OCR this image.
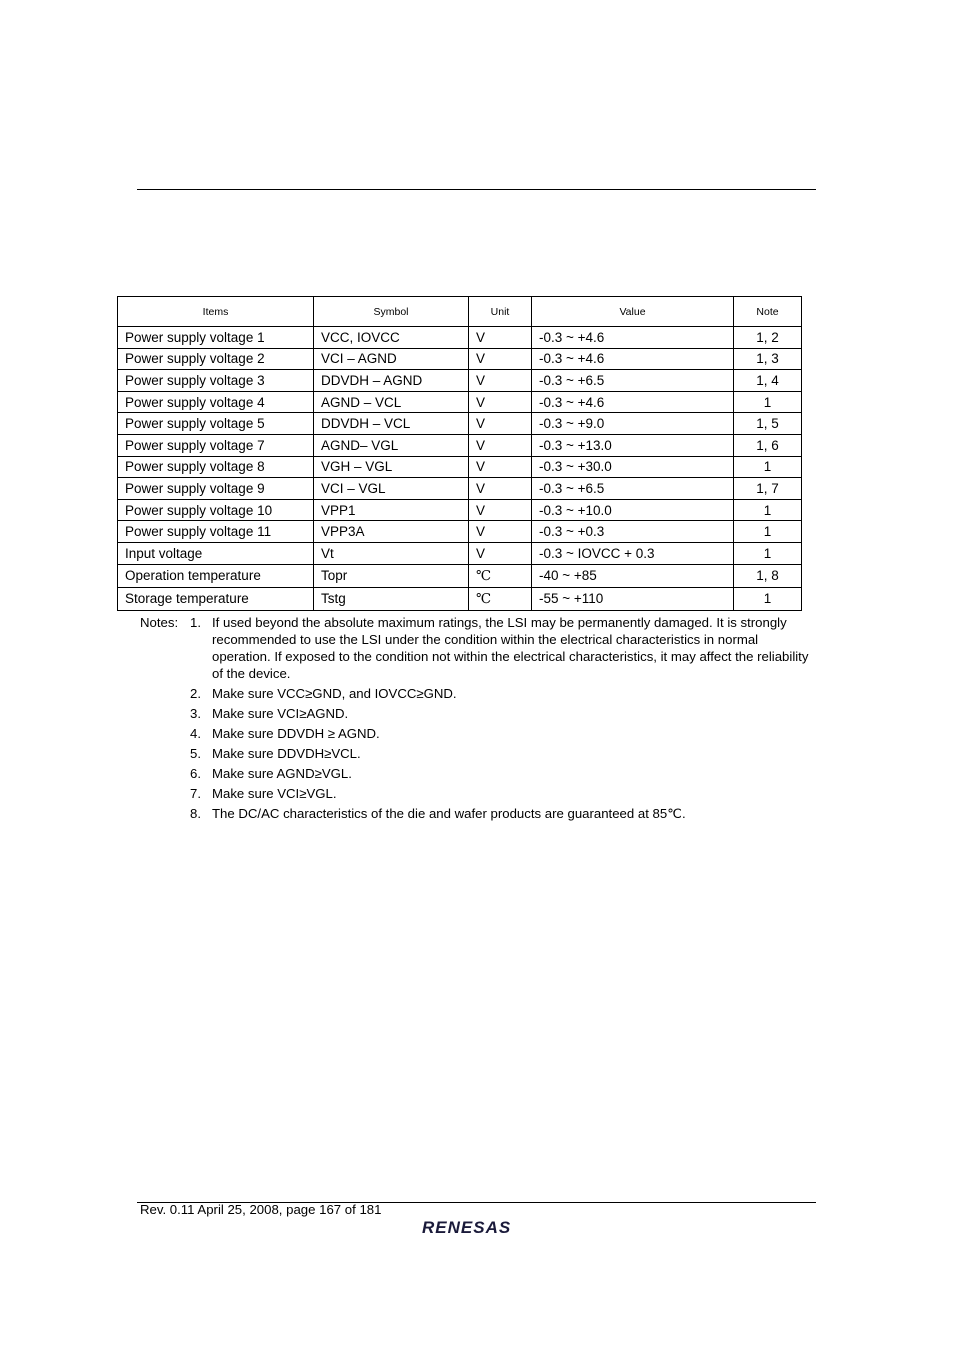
Items	Symbol	Unit	Value	Note
Power supply voltage 1	VCC, IOVCC	V	-0.3 ~ +4.6	1, 2
Power supply voltage 2	VCI – AGND	V	-0.3 ~ +4.6	1, 3
Power supply voltage 3	DDVDH – AGND	V	-0.3 ~ +6.5	1, 4
Power supply voltage 4	AGND – VCL	V	-0.3 ~ +4.6	1
Power supply voltage 5	DDVDH – VCL	V	-0.3 ~ +9.0	1, 5
Power supply voltage 7	AGND– VGL	V	-0.3 ~ +13.0	1, 6
Power supply voltage 8	VGH – VGL	V	-0.3 ~ +30.0	1
Power supply voltage 9	VCI – VGL	V	-0.3 ~ +6.5	1, 7
Power supply voltage 10	VPP1	V	-0.3 ~ +10.0	1
Power supply voltage 11	VPP3A	V	-0.3 ~ +0.3	1
Input voltage	Vt	V	-0.3 ~ IOVCC + 0.3	1
Operation temperature	Topr	℃	-40 ~ +85	1, 8
Storage temperature	Tstg	℃	-55 ~ +110	1
Notes: 1. If used beyond the absolute maximum ratings, the LSI may be permanently damaged. It is strongly recommended to use the LSI under the condition within the electrical characteristics in normal operation. If exposed to the condition not within the electrical characteristics, it may affect the reliability of the device.
2. Make sure VCC≥GND, and IOVCC≥GND.
3. Make sure VCI≥AGND.
4. Make sure DDVDH ≥ AGND.
5. Make sure DDVDH≥VCL.
6. Make sure AGND≥VGL.
7. Make sure VCI≥VGL.
8. The DC/AC characteristics of the die and wafer products are guaranteed at 85℃.
Rev. 0.11 April 25, 2008, page 167 of 181
RENESAS
